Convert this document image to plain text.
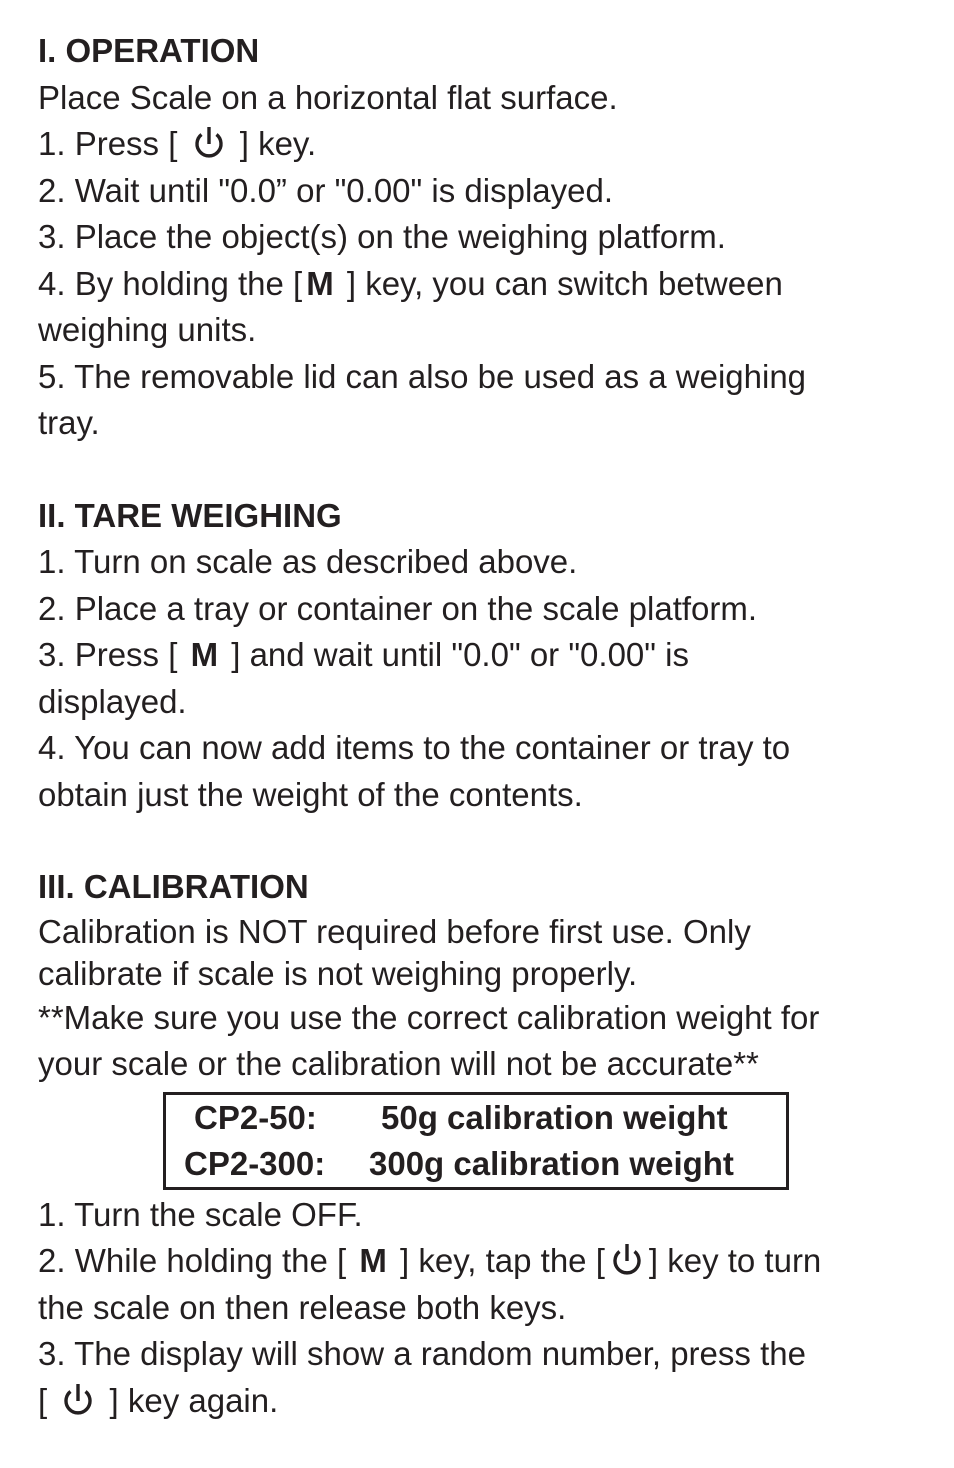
I. OPERATION
Place Scale on a horizontal flat surface.
1. Press [ ] key.
2. Wait until "0.0” or "0.00" is displayed.
3. Place the object(s) on the weighing platform.
4. By holding the [ M ] key, you can switch between
weighing units.
5. The removable lid can also be used as a weighing
tray.
II. TARE WEIGHING
1. Turn on scale as described above.
2. Place a tray or container on the scale platform.
3. Press [ M ] and wait until "0.0" or "0.00" is
displayed.
4. You can now add items to the container or tray to
obtain just the weight of the contents.
III. CALIBRATION
Calibration is NOT required before first use. Only
calibrate if scale is not weighing properly.
**Make sure you use the correct calibration weight for
your scale or the calibration will not be accurate**
CP2-50: 50g calibration weight
CP2-300: 300g calibration weight
1. Turn the scale OFF.
2. While holding the [ M ] key, tap the [ ] key to turn
the scale on then release both keys.
3. The display will show a random number, press the
[ ] key again.
